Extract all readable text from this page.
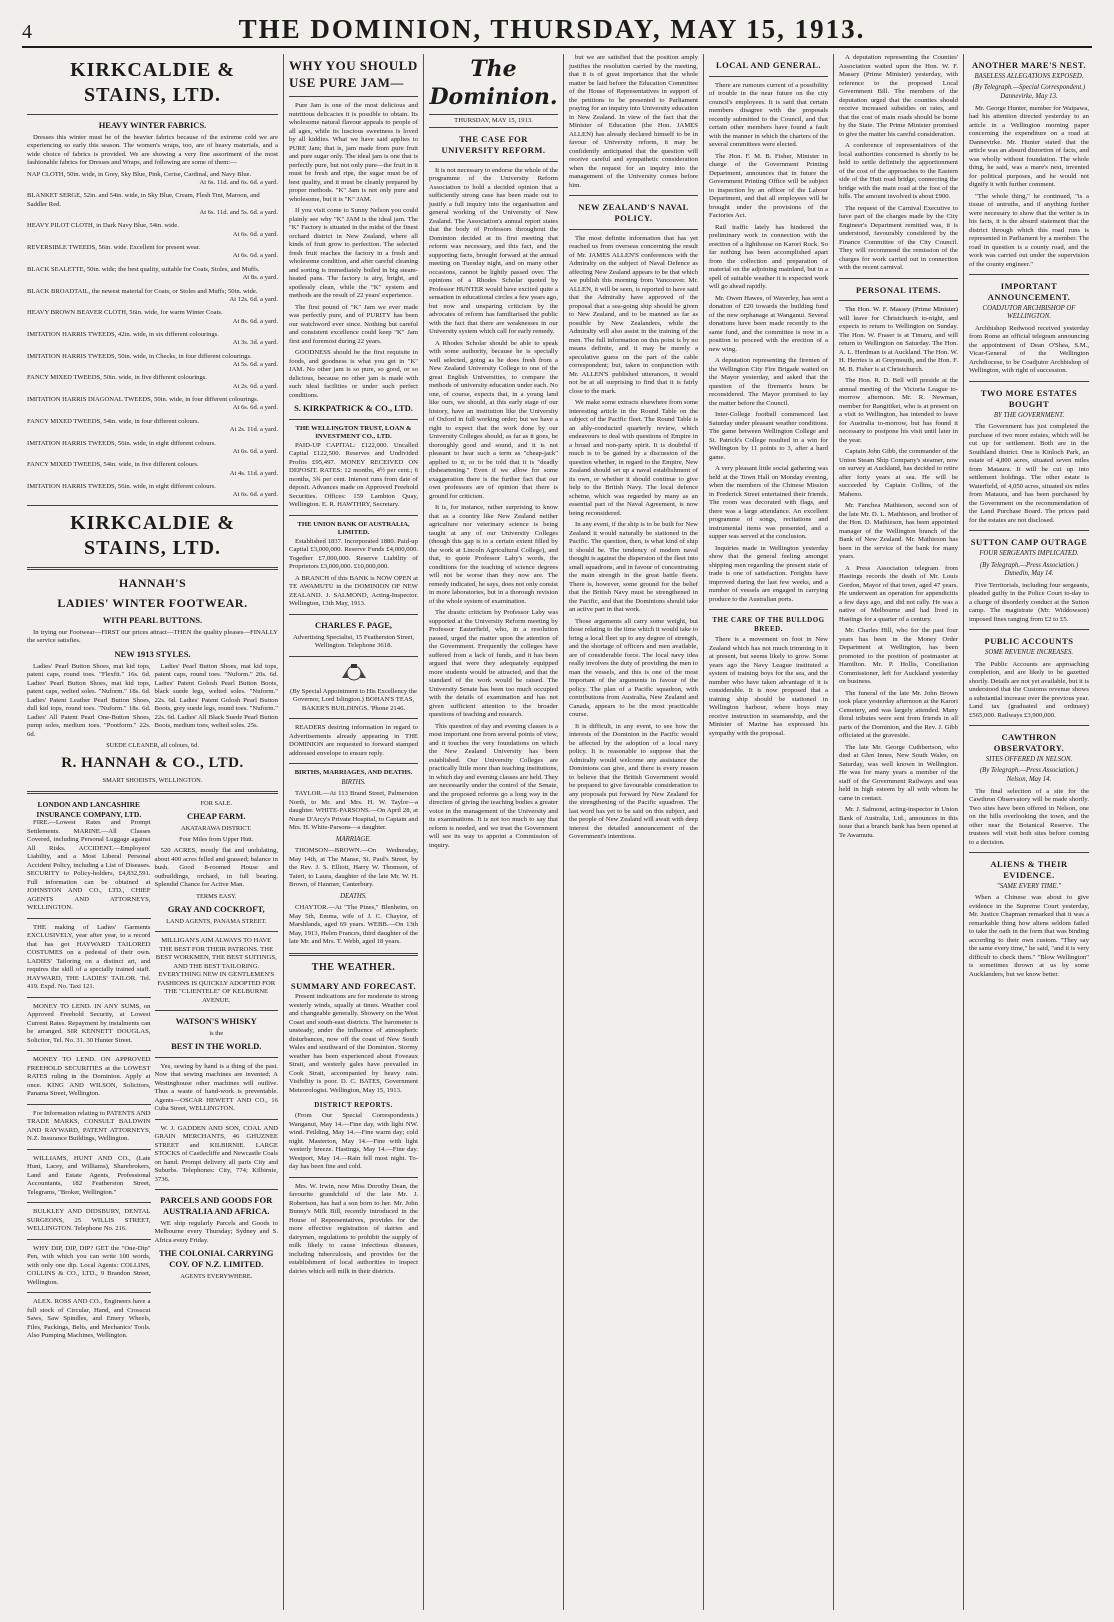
4	THE DOMINION, THURSDAY, MAY 15, 1913.
KIRKCALDIE & STAINS, LTD.
HEAVY WINTER FABRICS.

Dresses this winter must be of the heavier fabrics because of the extreme cold we are experiencing so early this season. The women's wraps, too, are of heavy materials, and a wide choice of fabrics is provided. We are showing a very fine assortment of the most fashionable fabrics for Dresses and Wraps, and following are some of them:—

NAP CLOTH, 50in. wide, in Grey, Sky Blue, Pink, Cerise, Cardinal, and Navy Blue.
At 6s. 11d. and 6s. 6d. a yard.
BLANKET SERGE, 52in. and 54in. wide, in Sky Blue, Cream, Flesh Tint, Maroon, and Saddler Red.
At 6s. 11d. and 5s. 6d. a yard.
HEAVY PILOT CLOTH, in Dark Navy Blue, 54in. wide.
At 6s. 6d. a yard.
REVERSIBLE TWEEDS, 56in. wide. Excellent for present wear.
At 6s. 6d. a yard.
BLACK SEALETTE, 50in. wide; the best quality, suitable for Coats, Stoles, and Muffs.
At 8s. a yard.
BLACK BROADTAIL, the newest material for Coats, or Stoles and Muffs; 50in. wide.
At 12s. 6d. a yard.
HEAVY BROWN BEAVER CLOTH, 56in. wide, for warm Winter Coats.
At 8s. 6d. a yard.
IMITATION HARRIS TWEEDS, 42in. wide, in six different colourings.
At 3s. 3d. a yard.
IMITATION HARRIS TWEEDS, 50in. wide, in Checks, in four different colourings.
At 5s. 6d. a yard.
FANCY MIXED TWEEDS, 50in. wide, in five different colourings.
At 2s. 6d. a yard.
IMITATION HARRIS DIAGONAL TWEEDS, 50in. wide, in four different colourings.
At 6s. 6d. a yard.
FANCY MIXED TWEEDS, 54in. wide, in four different colours.
At 2s. 11d. a yard.
IMITATION HARRIS TWEEDS, 56in. wide, in eight different colours.
At 6s. 6d. a yard.
FANCY MIXED TWEEDS, 54in. wide, in five different colours.
At 4s. 11d. a yard.
IMITATION HARRIS TWEEDS, 56in. wide, in eight different colours.
At 6s. 6d. a yard.
KIRKCALDIE & STAINS, LTD.
HANNAH'S
LADIES' WINTER FOOTWEAR.
WITH PEARL BUTTONS.

In trying our Footwear—FIRST our prices attract—THEN the quality pleases—FINALLY the service satisfies.

NEW 1913 STYLES.

Ladies' Pearl Button Shoes, mat kid tops, patent caps, round toes. "Flexfit." 16s. 6d. Ladies' Pearl Button Shoes, mat kid tops, patent caps, welted soles. "Nuform." 18s. 6d. Ladies' Patent Leather Pearl Button Shoes, dull kid tops, round toes. "Nuform." 18s. 6d. Ladies' All Patent Pearl One-Button Shoes, pump soles, medium toes. "Pootform." 22s. 6d.

Ladies' Pearl Button Shoes, mat kid tops, patent caps, round toes. "Nuform." 20s. 6d. Ladies' Patent Golosh Pearl Button Boots, black suede legs, welted soles. "Nuform." 22s. 6d. Ladies' Patent Golosh Pearl Button Boots, grey suede legs, round toes. "Nuform." 22s. 6d. Ladies' All Black Suede Pearl Button Boots, medium toes, welted soles. 25s.

SUEDE CLEANER, all colours, 6d.
R. HANNAH & CO., LTD.
SMART SHOEISTS, WELLINGTON.
LONDON AND LANCASHIRE INSURANCE COMPANY, LTD.

FIRE.—Lowest Rates and Prompt Settlements. MARINE.—All Classes Covered, including Personal Luggage against All Risks. ACCIDENT.—Employers' Liability, and a Most Liberal Personal Accident Policy, including a List of Diseases. SECURITY to Policy-holders, £4,832,591. Full information can be obtained at JOHNSTON AND CO., LTD., CHIEF AGENTS AND ATTORNEYS, WELLINGTON.

THE making of Ladies' Garments EXCLUSIVELY, year after year, to a record that has got HAYWARD TAILORED COSTUMES on a pedestal of their own. LADIES' Tailoring on a distinct art, and requires the skill of a specially trained staff. HAYWARD, THE LADIES' TAILOR. Tel. 419. Expd. No. Taxi 121.

MONEY TO LEND. IN ANY SUMS, on Approved Freehold Security, at Lowest Current Rates. Repayment by instalments can be arranged. SIR KENNETT DOUGLAS, Solicitor, Tel. No. 31. 30 Hunter Street.

MONEY TO LEND. ON APPROVED FREEHOLD SECURITIES at the LOWEST RATES ruling in the Dominion. Apply at once. KING AND WILSON, Solicitors, Panama Street, Wellington.

For Information relating to PATENTS AND TRADE MARKS, CONSULT BALDWIN AND RAYWARD, PATENT ATTORNEYS, N.Z. Insurance Buildings, Wellington.

WILLIAMS, HUNT AND CO., (Late Hunt, Lacey, and Williams), Sharebrokers, Land and Estate Agents, Professional Accountants, 182 Featherston Street, Telegrams, "Broker, Wellington."

BULKLEY AND DIDSBURY, DENTAL SURGEONS, 25 WILLIS STREET, WELLINGTON. Telephone No. 216.

WHY DIP, DIP, DIP? GET the "One-Dip" Pen, with which you can write 100 words, with only one dip. Local Agents: COLLINS, COLLINS & CO., LTD., 9 Brandon Street, Wellington.

ALEX. ROSS AND CO., Engineers have a full stock of Circular, Hand, and Crosscut Saws, Saw Spindles, and Emery Wheels, Files, Packings, Belts, and Mechanics' Tools. Also Pumping Machines, Wellington.

FOR SALE.
CHEAP FARM.
AKATARAWA DISTRICT.
Four Miles from Upper Hutt.

520 ACRES, mostly flat and undulating, about 400 acres felled and grassed; balance in bush. Good 8-roomed House and outbuildings, orchard, in full bearing. Splendid Chance for Active Man.

TERMS EASY.
GRAY AND COCKROFT,
LAND AGENTS, PANAMA STREET.

MILLIGAN'S AIM ALWAYS TO HAVE THE BEST FOR THEIR PATRONS. THE BEST WORKMEN, THE BEST SUITINGS, AND THE BEST TAILORING. EVERYTHING NEW IN GENTLEMEN'S FASHIONS IS QUICKLY ADOPTED FOR THE "CLIENTELE" OF KELBURNE AVENUE.

WATSON'S WHISKY
is the
BEST IN THE WORLD.

Yes, sewing by hand is a thing of the past. Now that sewing machines are invented; A Westinghouse other machines will outlive. Thus a waste of hand-work is preventable. Agents—OSCAR HEWETT AND CO., 16 Cuba Street, WELLINGTON.

W. J. GADDEN AND SON, COAL AND GRAIN MERCHANTS, 46 GHUZNEE STREET and KILBIRNIE. LARGE STOCKS of Castlecliffe and Newcastle Coals on hand. Prompt delivery all parts City and Suburbs. Telephones: City, 774; Kilbirnie, 3736.

PARCELS AND GOODS FOR AUSTRALIA AND AFRICA.

WE ship regularly Parcels and Goods to Melbourne every Thursday; Sydney and S. Africa every Friday.

THE COLONIAL CARRYING COY. OF N.Z. LIMITED.
AGENTS EVERYWHERE.
WHY YOU SHOULD USE PURE JAM—

Pure Jam is one of the most delicious and nutritious delicacies it is possible to obtain. Its wholesome natural flavour appeals to people of all ages, while its luscious sweetness is loved by all kiddies. What we have said applies to PURE Jam; that is, jam made from pure fruit and pure sugar only. The ideal jam is one that is perfectly pure, but not only pure—the fruit in it must be fresh and ripe, the sugar must be of best quality, and it must be cleanly prepared by proper methods. "K" Jam is not only pure and wholesome, but it is "K" JAM.

If you visit come to Sunny Nelson you could plainly see why "K" JAM is the ideal jam. The "K" Factory is situated in the midst of the finest orchard district in New Zealand, where all kinds of fruit grow to perfection. The selected fresh fruit reaches the factory in a fresh and wholesome condition, and after careful cleaning and sorting is immediately boiled in big steam-heated pans. The factory is airy, bright, and spotlessly clean, while the "K" system and methods are the result of 22 years' experience.

The first pound of "K" Jam we ever made was perfectly pure, and of PURITY has been our watchword ever since. Nothing but careful and consistent excellence could keep "K" Jam first and foremost during 22 years.

GOODNESS should be the first requisite in foods, and goodness is what you get in "K" JAM. No other jam is so pure, so good, or so delicious, because no other jam is made with such ideal facilities or under such perfect conditions.

S. KIRKPATRICK & CO., LTD.
THE WELLINGTON TRUST, LOAN & INVESTMENT CO., LTD.

PAID-UP CAPITAL: £122,000. Uncalled Capital £122,500. Reserves and Undivided Profits £95,497. MONEY RECEIVED ON DEPOSIT. RATES: 12 months, 4½ per cent.; 6 months, 3¾ per cent. Interest runs from date of deposit. Advances made on Approved Freehold Securities. Offices: 159 Lambton Quay, Wellington. E. R. HAWTHRY, Secretary.

THE UNION BANK OF AUSTRALIA, LIMITED.

Established 1837. Incorporated 1880. Paid-up Capital £3,000,000. Reserve Funds £4,000,000. Together £7,000,000. Reserve Liability of Proprietors £3,000,000. £10,000,000.

A BRANCH of this BANK is NOW OPEN at TE AWAMUTU in the DOMINION OF NEW ZEALAND. J. SALMOND, Acting-Inspector. Wellington, 13th May, 1913.

CHARLES F. PAGE,

Advertising Specialist, 15 Featherston Street, Wellington. Telephone 3618.

(By Special Appointment to His Excellency the Governor, Lord Islington.) BOHAN'S TEAS, BAKER'S BUILDINGS. 'Phone 2146.

READERS desiring information in regard to Advertisements already appearing in THE DOMINION are requested to forward stamped addressed envelope to ensure reply.

BIRTHS, MARRIAGES, AND DEATHS.
BIRTHS.

TAYLOR.—At 113 Brand Street, Palmerston North, to Mr. and Mrs. H. W. Taylor—a daughter. WHITE-PARSONS.—On April 28, at Nurse D'Arcy's Private Hospital, to Captain and Mrs. H. White-Parsons—a daughter.

MARRIAGE.

THOMSON—BROWN.—On Wednesday, May 14th, at The Manse, St. Paul's Street, by the Rev. J. S. Elliott, Harry W. Thomson, of Taieri, to Laura, daughter of the late Mr. W. H. Brown, of Hanmer, Canterbury.

DEATHS.

CHAYTOR.—At "The Pines," Blenheim, on May 5th, Emma, wife of J. C. Chaytor, of Marshlands, aged 69 years. WEBB.—On 13th May, 1913, Helen Frances, third daughter of the late Mr. and Mrs. T. Webb, aged 18 years.

THE WEATHER.
SUMMARY AND FORECAST.

Present indications are for moderate to strong westerly winds, squally at times. Weather cool and changeable generally. Showery on the West Coast and south-east districts. The barometer is unsteady, under the influence of atmospheric disturbances, now off the coast of New South Wales and southward of the Dominion. Stormy weather has been experienced about Foveaux Strait, and westerly gales have prevailed in Cook Strait, accompanied by heavy rain. Visibility is poor. D. C. BATES, Government Meteorologist. Wellington, May 15, 1913.

DISTRICT REPORTS.

(From Our Special Correspondents.) Wanganui, May 14.—Fine day, with light NW. wind. Feilding, May 14.—Fine warm day; cold night. Masterton, May 14.—Fine with light westerly breeze. Hastings, May 14.—Fine day. Westport, May 14.—Rain fell most night. To-day has been fine and cold.

Mrs. W. Irwin, now Miss Dorothy Dean, the favourite grandchild of the late Mr. J. Robertson, has had a son born to her. Mr. John Bunny's Milk Bill, recently introduced in the House of Representatives, provides for the more effective registration of dairies and dairymen, regulations to prohibit the supply of milk likely to cause infectious diseases, including tuberculosis, and provides for the establishment of local authorities to inspect dairies which sell milk in their districts.

The Dominion.
THURSDAY, MAY 15, 1913.
THE CASE FOR UNIVERSITY REFORM.

It is not necessary to endorse the whole of the programme of the University Reform Association to hold a decided opinion that a sufficiently strong case has been made out to justify a full inquiry into the organisation and general working of the University of New Zealand. The Association's annual report states that the body of Professors throughout the Dominion decided at its first meeting that reform was necessary, and this fact, and the supporting facts, brought forward at the annual meeting on Tuesday night, and on many other occasions, cannot be lightly passed over. The opinions of a Rhodes Scholar quoted by Professor HUNTER would have excited quite a sensation in educational circles a few years ago, but now and unsparing criticism by the advocates of reform has familiarised the public with the fact that there are weaknesses in our University system which call for early remedy.

A Rhodes Scholar should be able to speak with some authority, because he is specially well selected, going as he does fresh from a New Zealand University College to one of the great English Universities, to compare the methods of university education under each. No one, of course, expects that, in a young land like ours, we should, at this early stage of our history, have an institution like the University of Oxford in full working order; but we have a right to expect that the work done by our University Colleges should, as far as it goes, be thoroughly good and sound, and it is not pleasant to hear such a term as "cheap-jack" applied to it, or to be told that it is "deadly disheartening." Even if we allow for some exaggeration there is the further fact that our own professors are of opinion that there is ground for criticism.

It is, for instance, rather surprising to know that as a country like New Zealand neither agriculture nor veterinary science is being taught at any of our University Colleges (though this gap is to a certain extent filled by the work at Lincoln Agricultural College), and that, to quote Professor Laby's words, the conditions for the teaching of science degrees will not be worse than they now are. The remedy indicated, he says, does not only consist in more laboratories, but in a thorough revision of the whole system of examination.

The drastic criticism by Professor Laby was supported at the University Reform meeting by Professor Easterfield, who, in a resolution passed, urged the matter upon the attention of the Government. Frequently the colleges have suffered from a lack of funds, and it has been argued that were they adequately equipped more students would be attracted, and that the standard of the work would be raised. The University Senate has been too much occupied with the details of examination and has not given sufficient attention to the broader questions of teaching and research.

This question of day and evening classes is a most important one from several points of view, and it touches the very foundations on which the New Zealand University has been established. Our University Colleges are practically little more than teaching institutions, in which day and evening classes are held. They are necessarily under the control of the Senate, and the proposed reforms go a long way in the direction of giving the teaching bodies a greater voice in the management of the University and its examinations. It is not too much to say that reform is needed, and we trust the Government will see its way to appoint a Commission of inquiry.

but we are satisfied that the position amply justifies the resolution carried by the meeting, that it is of great importance that the whole matter be laid before the Education Committee of the House of Representatives in support of the petitions to be presented to Parliament praying for an inquiry into University education in New Zealand. In view of the fact that the Minister of Education (the Hon. JAMES ALLEN) has already declared himself to be in favour of University reform, it may be confidently anticipated that the question will receive careful and sympathetic consideration when the request for an inquiry into the management of the University comes before him.

NEW ZEALAND'S NAVAL POLICY.

The most definite information that has yet reached us from overseas concerning the result of Mr. JAMES ALLEN'S conferences with the Admiralty on the subject of Naval Defence as affecting New Zealand appears to be that which we publish this morning from Vancouver. Mr. ALLEN, it will be seen, is reported to have said that the Admiralty have approved of the proposal that a sea-going ship should be given to New Zealand, and to be manned as far as possible by New Zealanders, while the Admiralty will also assist in the training of the men. The full information on this point is by no means definite, and it may be merely a speculative guess on the part of the cable correspondent; but, taken in conjunction with Mr. ALLEN'S published utterances, it would not be at all surprising to find that it is fairly close to the mark.

We make some extracts elsewhere from some interesting article in the Round Table on the subject of the Pacific fleet. The Round Table is an ably-conducted quarterly review, which endeavours to deal with questions of Empire in a broad and non-party spirit. It is doubtful if much is to be gained by a discussion of the question whether, in regard to the Empire, New Zealand should set up a naval establishment of its own, or whether it should continue to give help to the British Navy. The local defence scheme, which was regarded by many as an essential part of the Naval Agreement, is now being reconsidered.

In any event, if the ship is to be built for New Zealand it would naturally be stationed in the Pacific. The question, then, is what kind of ship it should be. The tendency of modern naval thought is against the dispersion of the fleet into small squadrons, and in favour of concentrating the main strength in the great battle fleets. There is, however, some ground for the belief that the British Navy must be strengthened in the Pacific, and that the Dominions should take an active part in that work.

Those arguments all carry some weight, but those relating to the time which it would take to bring a local fleet up to any degree of strength, and the shortage of officers and men available, are of considerable force. The local navy idea really involves the duty of providing the men to man the vessels, and this is one of the most important of the arguments in favour of the policy. The plan of a Pacific squadron, with contributions from Australia, New Zealand and Canada, appears to be the most practicable course.

It is difficult, in any event, to see how the interests of the Dominion in the Pacific would be affected by the adoption of a local navy policy. It is reasonable to suppose that the Admiralty would welcome any assistance the Dominions can give, and there is every reason to believe that the British Government would be prepared to give favourable consideration to any proposals put forward by New Zealand for the strengthening of the Pacific squadron. The last word has yet to be said on this subject, and the people of New Zealand will await with deep interest the detailed announcement of the Government's intentions.

LOCAL AND GENERAL.

There are rumours current of a possibility of trouble in the near future on the city council's employees. It is said that certain members disagree with the proposals recently submitted to the Council, and that certain other members have found a fault with the manner in which the charters of the several committees were elected.

The Hon. F. M. B. Fisher, Minister in charge of the Government Printing Department, announces that in future the Government Printing Office will be subject to inspection by an officer of the Labour Department, and that all employees will be brought under the provisions of the Factories Act.

Rail traffic lately has hindered the preliminary work in connection with the erection of a lighthouse on Karori Rock. So far nothing has been accomplished apart from the collection and preparation of material on the adjoining mainland, but in a spell of suitable weather it is expected work will go ahead rapidly.

Mr. Owen Hawes, of Waverley, has sent a donation of £20 towards the building fund of the new orphanage at Wanganui. Several donations have been made recently to the same fund, and the committee is now in a position to proceed with the erection of a new wing.

A deputation representing the firemen of the Wellington City Fire Brigade waited on the Mayor yesterday, and asked that the question of the firemen's hours be reconsidered. The Mayor promised to lay the matter before the Council.

Inter-College football commenced last Saturday under pleasant weather conditions. The game between Wellington College and St. Patrick's College resulted in a win for Wellington by 11 points to 3, after a hard game.

A very pleasant little social gathering was held at the Town Hall on Monday evening, when the members of the Chinese Mission in Frederick Street entertained their friends. The room was decorated with flags, and there was a large attendance. An excellent programme of songs, recitations and instrumental items was presented, and a supper was served at the conclusion.

Inquiries made in Wellington yesterday show that the general feeling amongst shipping men regarding the present state of trade is one of satisfaction. Freights have improved during the last few weeks, and a number of vessels are engaged in carrying produce to the Australian ports.

THE CARE OF THE BULLDOG BREED.

There is a movement on foot in New Zealand which has not much trimming in it at present, but seems likely to grow. Some years ago the Navy League instituted a system of training boys for the sea, and the number who have taken advantage of it is considerable. It is now proposed that a training ship should be stationed in Wellington harbour, where boys may receive instruction in seamanship, and the Minister of Marine has expressed his sympathy with the proposal.

A deputation representing the Counties' Association waited upon the Hon. W. F. Massey (Prime Minister) yesterday, with reference to the proposed Local Government Bill. The members of the deputation urged that the counties should receive increased subsidies on rates, and that the cost of main roads should be borne by the State. The Prime Minister promised to give the matter his careful consideration.

A conference of representatives of the local authorities concerned is shortly to be held to settle definitely the apportionment of the cost of the approaches to the Eastern side of the Hutt road bridge, connecting the bridge with the main road at the foot of the hills. The amount involved is about £900.

The request of the Carnival Executive to have part of the charges made by the City Engineer's Department remitted was, it is understood, favourably considered by the Finance Committee of the City Council. They will recommend the remission of the charges for work carried out in connection with the recent carnival.

PERSONAL ITEMS.

The Hon. W. F. Massey (Prime Minister) will leave for Christchurch to-night, and expects to return to Wellington on Sunday. The Hon. W. Fraser is at Timaru, and will return to Wellington on Saturday. The Hon. A. L. Herdman is at Auckland. The Hon. W. H. Herries is at Greymouth, and the Hon. F. M. B. Fisher is at Christchurch.

The Hon. R. D. Bell will preside at the annual meeting of the Victoria League to-morrow afternoon. Mr. R. Newman, member for Rangitikei, who is at present on a visit to Wellington, has intended to leave for Australia to-morrow, but has found it necessary to postpone his visit until later in the year.

Captain John Gibb, the commander of the Union Steam Ship Company's steamer, now on survey at Auckland, has decided to retire after forty years at sea. He will be succeeded by Captain Collins, of the Maheno.

Mr. Fanchea Mathieson, second son of the late Mr. D. L. Mathieson, and brother of the Hon. D. Mathieson, has been appointed manager of the Wellington branch of the Bank of New Zealand. Mr. Mathieson has been in the service of the bank for many years.

A Press Association telegram from Hastings records the death of Mr. Louis Gordon, Mayor of that town, aged 47 years. He underwent an operation for appendicitis a few days ago, and did not rally. He was a native of Melbourne and had lived in Hastings for a quarter of a century.

Mr. Charles Hill, who for the past four years has been in the Money Order Department at Wellington, has been promoted to the position of postmaster at Hamilton. Mr. P. Hollis, Conciliation Commissioner, left for Auckland yesterday on business.

The funeral of the late Mr. John Brown took place yesterday afternoon at the Karori Cemetery, and was largely attended. Many floral tributes were sent from friends in all parts of the Dominion, and the Rev. J. Gibb officiated at the graveside.

The late Mr. George Cuthbertson, who died at Glen Innes, New South Wales, on Saturday, was well known in Wellington. He was for many years a member of the staff of the Government Railways and was held in high esteem by all with whom he came in contact.

Mr. J. Salmond, acting-inspector in Union Bank of Australia, Ltd., announces in this issue that a branch bank has been opened at Te Awamutu.

ANOTHER MARE'S NEST.
BASELESS ALLEGATIONS EXPOSED.
(By Telegraph.—Special Correspondent.) Dannevirke, May 13.

Mr. George Hunter, member for Waipawa, had his attention directed yesterday to an article in a Wellington morning paper concerning the expenditure on a road at Dannevirke. Mr. Hunter stated that the article was an absurd distortion of facts, and was wholly without foundation. The whole thing, he said, was a mare's nest, invented for political purposes, and he would not dignify it with further comment.

"The whole thing," he continued, "is a tissue of untruths, and if anything further were necessary to show that the writer is in his facts, it is the absurd statement that the district through which this road runs is represented in Parliament by a member. The road in question is a county road, and the work was carried out under the supervision of the county engineer."

IMPORTANT ANNOUNCEMENT.
COADJUTOR ARCHBISHOP OF WELLINGTON.

Archbishop Redwood received yesterday from Rome an official telegram announcing the appointment of Dean O'Shea, S.M., Vicar-General of the Wellington Archdiocese, to be Coadjutor Archbishop of Wellington, with right of succession.

TWO MORE ESTATES BOUGHT
BY THE GOVERNMENT.

The Government has just completed the purchase of two more estates, which will be cut up for settlement. Both are in the Southland district. One is Kinloch Park, an estate of 4,800 acres, situated seven miles from Mataura. It will be cut up into settlement holdings. The other estate is Waterfield, of 4,050 acres, situated six miles from Mataura, and has been purchased by the Government on the recommendation of the Land Purchase Board. The prices paid for the estates are not disclosed.

SUTTON CAMP OUTRAGE
FOUR SERGEANTS IMPLICATED.
(By Telegraph.—Press Association.) Dunedin, May 14.

Five Territorials, including four sergeants, pleaded guilty in the Police Court to-day to a charge of disorderly conduct at the Sutton camp. The magistrate (Mr. Widdowson) imposed fines ranging from £2 to £5.

PUBLIC ACCOUNTS
SOME REVENUE INCREASES.

The Public Accounts are approaching completion, and are likely to be gazetted shortly. Details are not yet available, but it is understood that the Customs revenue shows a substantial increase over the previous year. Land tax (graduated and ordinary) £565,000. Railways £3,900,000.

CAWTHRON OBSERVATORY.
SITES OFFERED IN NELSON.
(By Telegraph.—Press Association.) Nelson, May 14.

The final selection of a site for the Cawthron Observatory will be made shortly. Two sites have been offered in Nelson, one on the hills overlooking the town, and the other near the Botanical Reserve. The trustees will visit both sites before coming to a decision.

ALIENS & THEIR EVIDENCE.
"SAME EVERY TIME."

When a Chinese was about to give evidence in the Supreme Court yesterday, Mr. Justice Chapman remarked that it was a remarkable thing how aliens seldom failed to take the oath in the form that was binding according to their own custom. "They say the same every time," he said, "and it is very difficult to check them." "Blow Wellington" is sometimes thrown at us by some Aucklanders, but we know better.
